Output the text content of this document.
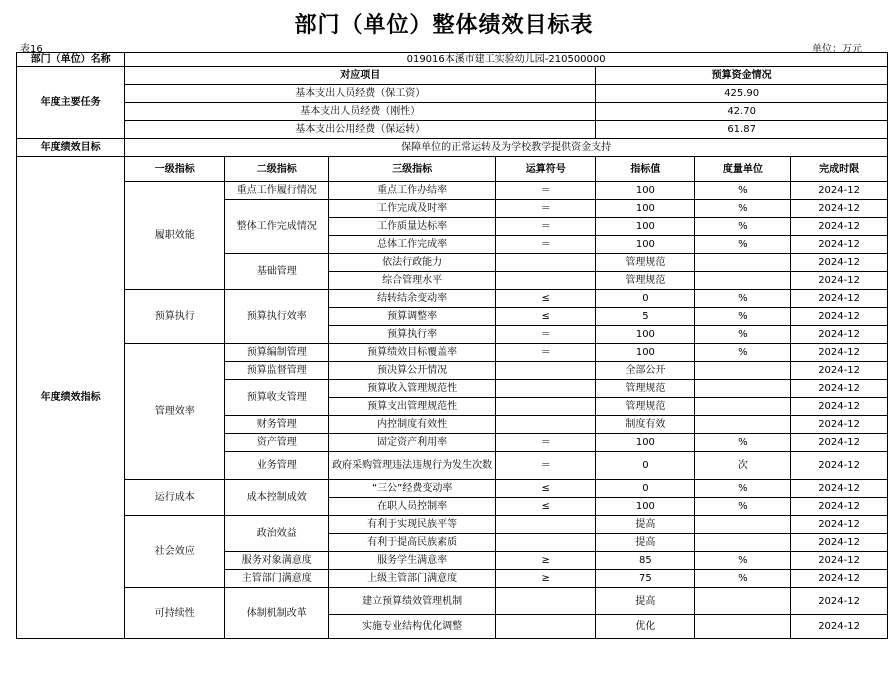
部门（单位）整体绩效目标表
表16	单位：万元
部门（单位）名称	019016本溪市建工实验幼儿园-210500000						
年度主要任务	对应项目				预算资金情况		
	基本支出人员经费（保工资）				425.90		
	基本支出人员经费（刚性）				42.70		
	基本支出公用经费（保运转）				61.87		
年度绩效目标	保障单位的正常运转及为学校教学提供资金支持						
年度绩效指标	一级指标	二级指标	三级指标	运算符号	指标值	度量单位	完成时限
	履职效能	重点工作履行情况	重点工作办结率	＝	100	%	2024-12
		整体工作完成情况	工作完成及时率	＝	100	%	2024-12
			工作质量达标率	＝	100	%	2024-12
			总体工作完成率	＝	100	%	2024-12
		基础管理	依法行政能力		管理规范		2024-12
			综合管理水平		管理规范		2024-12
	预算执行	预算执行效率	结转结余变动率	≤	0	%	2024-12
			预算调整率	≤	5	%	2024-12
			预算执行率	＝	100	%	2024-12
	管理效率	预算编制管理	预算绩效目标覆盖率	＝	100	%	2024-12
		预算监督管理	预决算公开情况		全部公开		2024-12
		预算收支管理	预算收入管理规范性		管理规范		2024-12
			预算支出管理规范性		管理规范		2024-12
		财务管理	内控制度有效性		制度有效		2024-12
		资产管理	固定资产利用率	＝	100	%	2024-12
		业务管理	政府采购管理违法违规行为发生次数	＝	0	次	2024-12
	运行成本	成本控制成效	“三公”经费变动率	≤	0	%	2024-12
			在职人员控制率	≤	100	%	2024-12
	社会效应	政治效益	有利于实现民族平等		提高		2024-12
			有利于提高民族素质		提高		2024-12
		服务对象满意度	服务学生满意率	≥	85	%	2024-12
		主管部门满意度	上级主管部门满意度	≥	75	%	2024-12
	可持续性	体制机制改革	建立预算绩效管理机制		提高		2024-12
			实施专业结构优化调整		优化		2024-12
